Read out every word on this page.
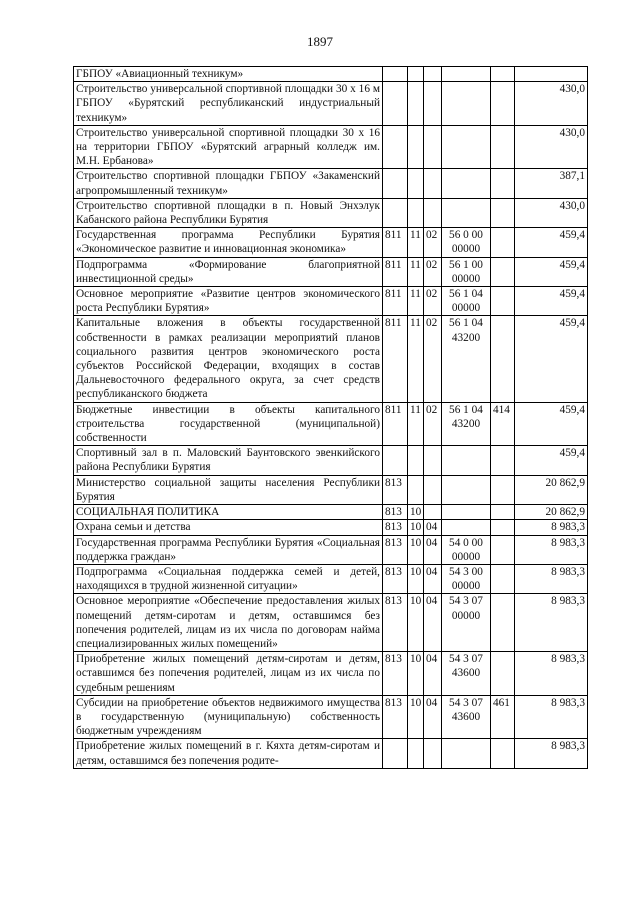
1897
ГБПОУ «Авиационный техникум»						
Строительство универсальной спортивной площадки 30 х 16 м ГБПОУ «Бурятский республиканский индустриальный техникум»						430,0
Строительство универсальной спортивной площадки 30 х 16 на территории ГБПОУ «Бурятский аграрный колледж им. М.Н. Ербанова»						430,0
Строительство спортивной площадки ГБПОУ «Закаменский агропромышленный техникум»						387,1
Строительство спортивной площадки в п. Новый Энхэлук Кабанского района Республики Бурятия						430,0
Государственная программа Республики Бурятия «Экономическое развитие и инновационная экономика»	811	11	02	56 0 00 00000		459,4
Подпрограмма «Формирование благоприятной инвестиционной среды»	811	11	02	56 1 00 00000		459,4
Основное мероприятие «Развитие центров экономического роста Республики Бурятия»	811	11	02	56 1 04 00000		459,4
Капитальные вложения в объекты государственной собственности в рамках реализации мероприятий планов социального развития центров экономического роста субъектов Российской Федерации, входящих в состав Дальневосточного федерального округа, за счет средств республиканского бюджета	811	11	02	56 1 04 43200		459,4
Бюджетные инвестиции в объекты капитального строительства государственной (муниципальной) собственности	811	11	02	56 1 04 43200	414	459,4
Спортивный зал в п. Маловский Баунтовского эвенкийского района Республики Бурятия						459,4
Министерство социальной защиты населения Республики Бурятия	813					20 862,9
СОЦИАЛЬНАЯ ПОЛИТИКА	813	10				20 862,9
Охрана семьи и детства	813	10	04			8 983,3
Государственная программа Республики Бурятия «Социальная поддержка граждан»	813	10	04	54 0 00 00000		8 983,3
Подпрограмма «Социальная поддержка семей и детей, находящихся в трудной жизненной ситуации»	813	10	04	54 3 00 00000		8 983,3
Основное мероприятие «Обеспечение предоставления жилых помещений детям-сиротам и детям, оставшимся без попечения родителей, лицам из их числа по договорам найма специализированных жилых помещений»	813	10	04	54 3 07 00000		8 983,3
Приобретение жилых помещений детям-сиротам и детям, оставшимся без попечения родителей, лицам из их числа по судебным решениям	813	10	04	54 3 07 43600		8 983,3
Субсидии на приобретение объектов недвижимого имущества в государственную (муниципальную) собственность бюджетным учреждениям	813	10	04	54 3 07 43600	461	8 983,3
Приобретение жилых помещений в г. Кяхта детям-сиротам и детям, оставшимся без попечения родите-						8 983,3
